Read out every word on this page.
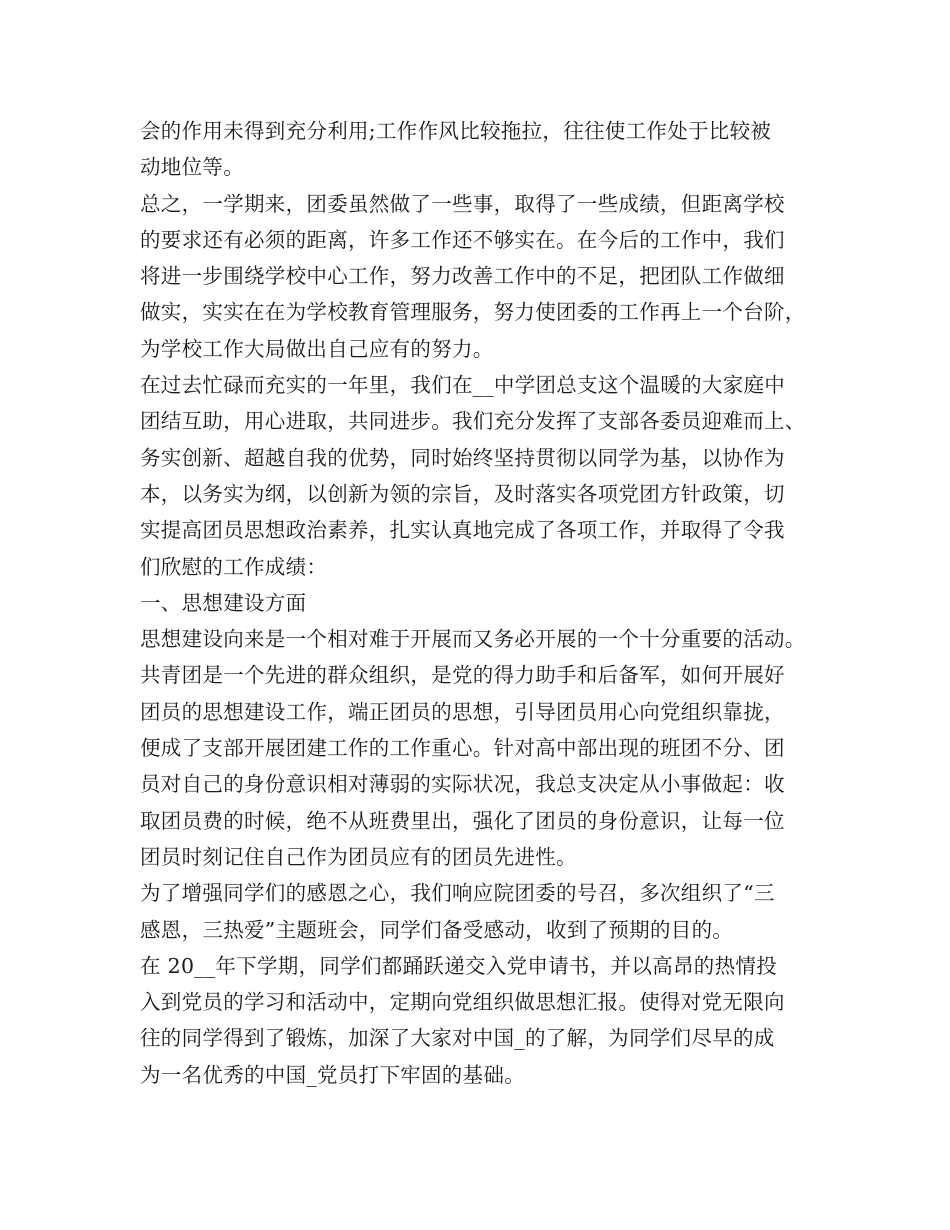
会的作用未得到充分利用;工作作风比较拖拉，往往使工作处于比较被
动地位等。
总之，一学期来，团委虽然做了一些事，取得了一些成绩，但距离学校
的要求还有必须的距离，许多工作还不够实在。在今后的工作中，我们
将进一步围绕学校中心工作，努力改善工作中的不足，把团队工作做细
做实，实实在在为学校教育管理服务，努力使团委的工作再上一个台阶，
为学校工作大局做出自己应有的努力。
在过去忙碌而充实的一年里，我们在__中学团总支这个温暖的大家庭中
团结互助，用心进取，共同进步。我们充分发挥了支部各委员迎难而上、
务实创新、超越自我的优势，同时始终坚持贯彻以同学为基，以协作为
本，以务实为纲，以创新为领的宗旨，及时落实各项党团方针政策，切
实提高团员思想政治素养，扎实认真地完成了各项工作，并取得了令我
们欣慰的工作成绩：
一、思想建设方面
思想建设向来是一个相对难于开展而又务必开展的一个十分重要的活动。
共青团是一个先进的群众组织，是党的得力助手和后备军，如何开展好
团员的思想建设工作，端正团员的思想，引导团员用心向党组织靠拢，
便成了支部开展团建工作的工作重心。针对高中部出现的班团不分、团
员对自己的身份意识相对薄弱的实际状况，我总支决定从小事做起：收
取团员费的时候，绝不从班费里出，强化了团员的身份意识，让每一位
团员时刻记住自己作为团员应有的团员先进性。
为了增强同学们的感恩之心，我们响应院团委的号召，多次组织了“三
感恩，三热爱”主题班会，同学们备受感动，收到了预期的目的。
在 20__年下学期，同学们都踊跃递交入党申请书，并以高昂的热情投
入到党员的学习和活动中，定期向党组织做思想汇报。使得对党无限向
往的同学得到了锻炼，加深了大家对中国_的了解，为同学们尽早的成
为一名优秀的中国_党员打下牢固的基础。
